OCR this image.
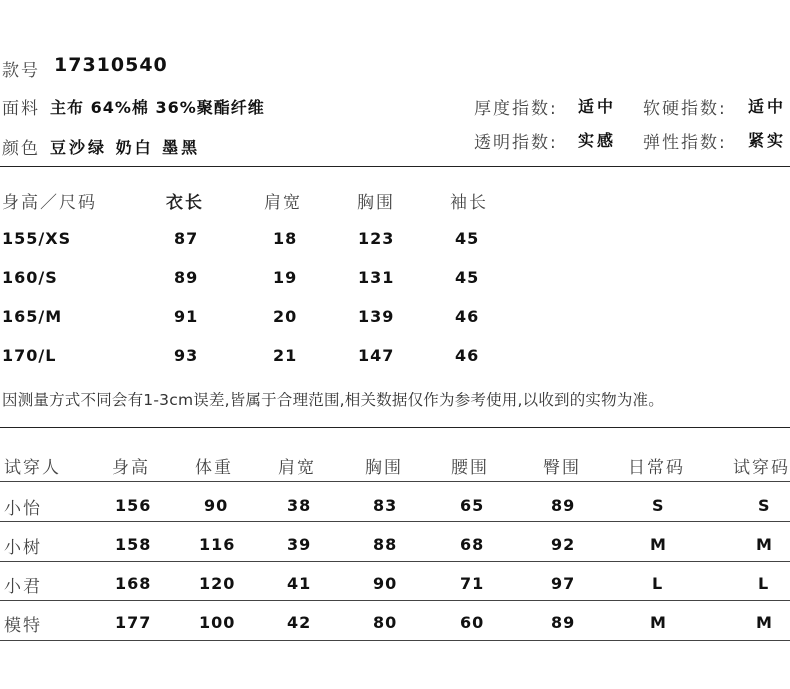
款号 17310540
面料 主布 64%棉 36%聚酯纤维
颜色 豆沙绿 奶白 墨黑
厚度指数: 适中 软硬指数: 适中
透明指数: 实感 弹性指数: 紧实
身高／尺码	衣长	肩宽	胸围	袖长
155/XS	87	18	123	45
160/S	89	19	131	45
165/M	91	20	139	46
170/L	93	21	147	46
因测量方式不同会有1-3cm误差,皆属于合理范围,相关数据仅作为参考使用,以收到的实物为准。
试穿人	身高	体重	肩宽	胸围	腰围	臀围	日常码	试穿码
小怡	156	90	38	83	65	89	S	S
小树	158	116	39	88	68	92	M	M
小君	168	120	41	90	71	97	L	L
模特	177	100	42	80	60	89	M	M
